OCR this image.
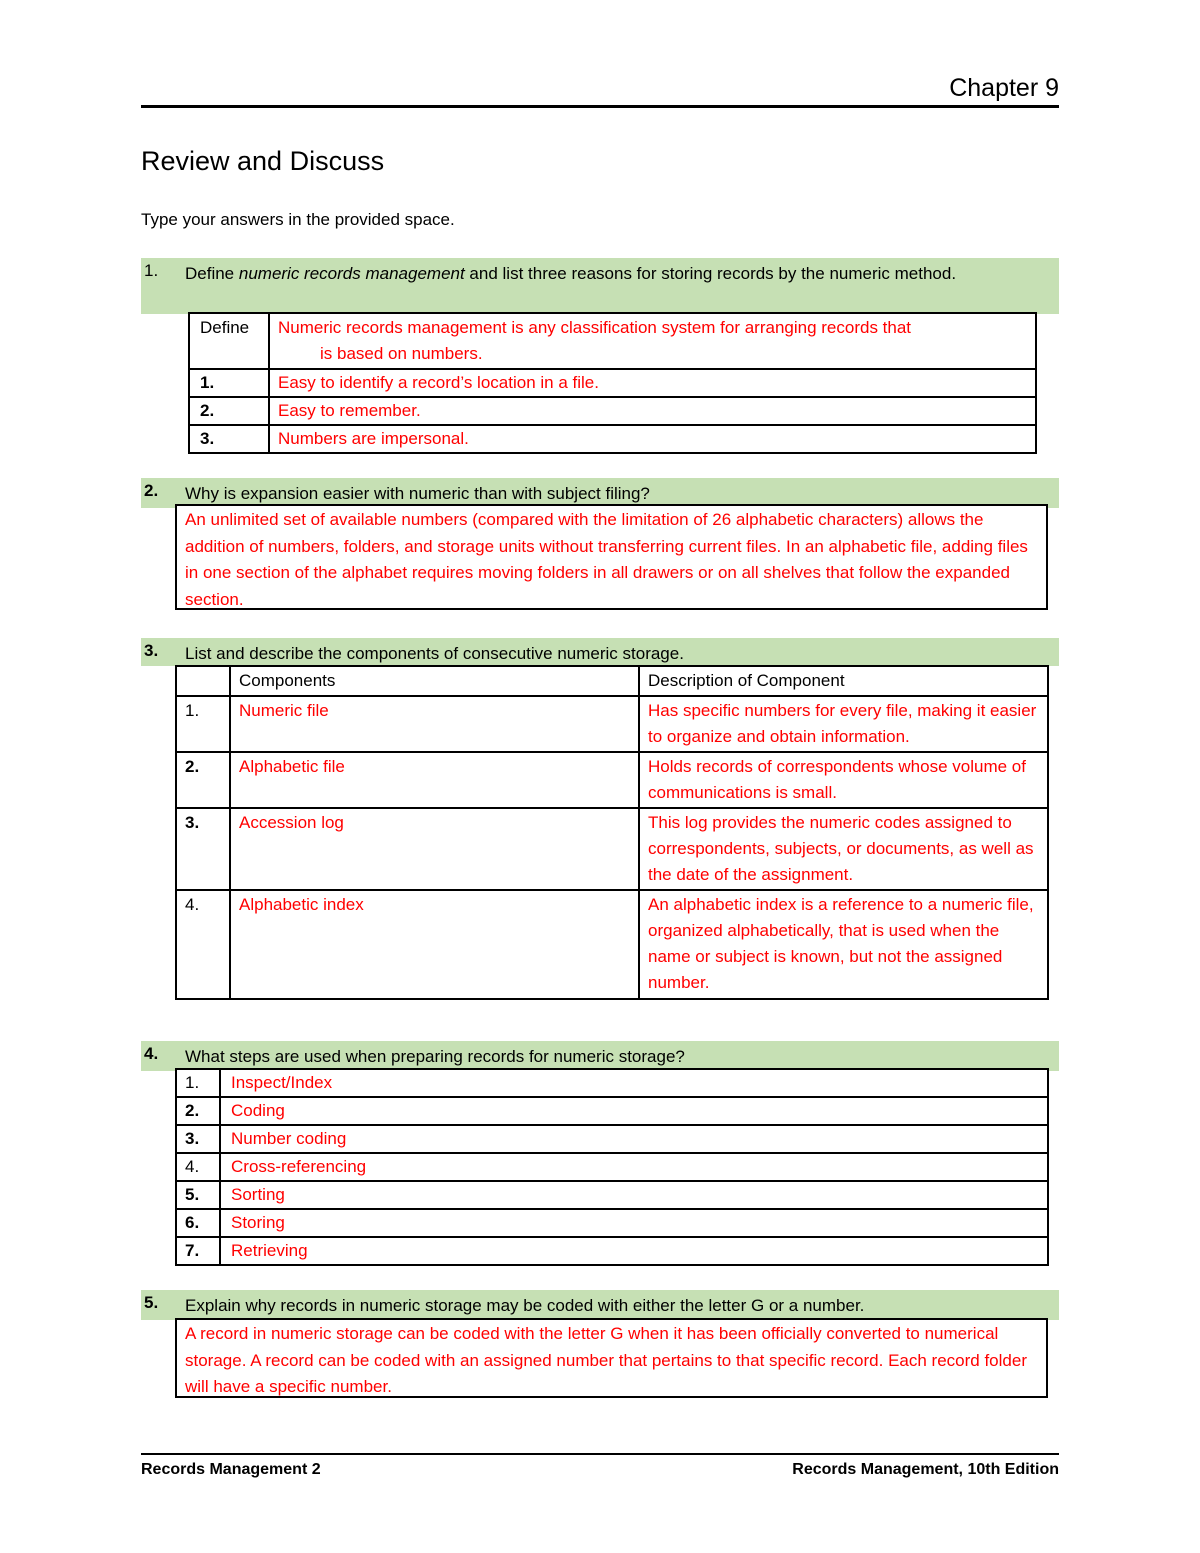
Chapter 9
Review and Discuss
Type your answers in the provided space.
1. Define numeric records management and list three reasons for storing records by the numeric method.
Define	Numeric records management is any classification system for arranging records that
is based on numbers.

1.	Easy to identify a record’s location in a file.
2.	Easy to remember.
3.	Numbers are impersonal.
2. Why is expansion easier with numeric than with subject filing?
An unlimited set of available numbers (compared with the limitation of 26 alphabetic characters) allows the addition of numbers, folders, and storage units without transferring current files. In an alphabetic file, adding files in one section of the alphabet requires moving folders in all drawers or on all shelves that follow the expanded section.
3. List and describe the components of consecutive numeric storage.
	Components	Description of Component
1.	Numeric file	Has specific numbers for every file, making it easier to organize and obtain information.
2.	Alphabetic file	Holds records of correspondents whose volume of communications is small.
3.	Accession log	This log provides the numeric codes assigned to correspondents, subjects, or documents, as well as the date of the assignment.
4.	Alphabetic index	An alphabetic index is a reference to a numeric file, organized alphabetically, that is used when the name or subject is known, but not the assigned number.
4. What steps are used when preparing records for numeric storage?
1.	Inspect/Index
2.	Coding
3.	Number coding
4.	Cross-referencing
5.	Sorting
6.	Storing
7.	Retrieving
5. Explain why records in numeric storage may be coded with either the letter G or a number.
A record in numeric storage can be coded with the letter G when it has been officially converted to numerical storage. A record can be coded with an assigned number that pertains to that specific record. Each record folder will have a specific number.
Records Management 2	Records Management, 10th Edition
